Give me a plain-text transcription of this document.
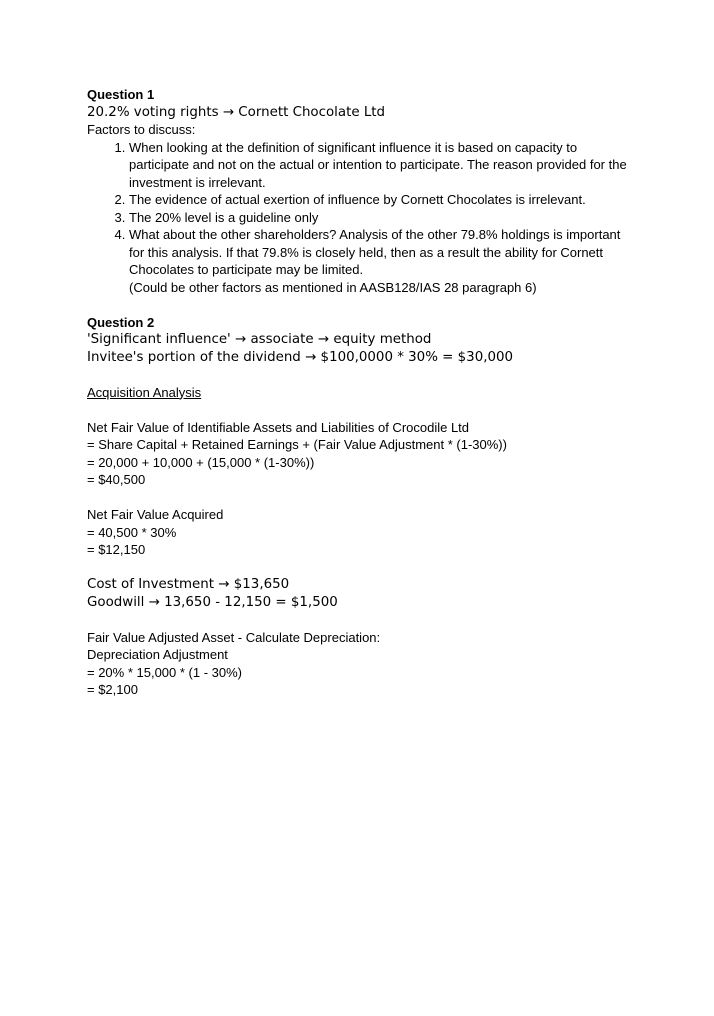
Question 1
20.2% voting rights → Cornett Chocolate Ltd
Factors to discuss:
1. When looking at the definition of significant influence it is based on capacity to participate and not on the actual or intention to participate. The reason provided for the investment is irrelevant.
2. The evidence of actual exertion of influence by Cornett Chocolates is irrelevant.
3. The 20% level is a guideline only
4. What about the other shareholders? Analysis of the other 79.8% holdings is important for this analysis. If that 79.8% is closely held, then as a result the ability for Cornett Chocolates to participate may be limited.
(Could be other factors as mentioned in AASB128/IAS 28 paragraph 6)
Question 2
'Significant influence' → associate → equity method
Invitee's portion of the dividend → $100,0000 * 30% = $30,000
Acquisition Analysis
Net Fair Value of Identifiable Assets and Liabilities of Crocodile Ltd
= Share Capital + Retained Earnings + (Fair Value Adjustment * (1-30%))
= 20,000 + 10,000 + (15,000 * (1-30%))
= $40,500
Net Fair Value Acquired
= 40,500 * 30%
= $12,150
Cost of Investment → $13,650
Goodwill → 13,650 - 12,150 = $1,500
Fair Value Adjusted Asset - Calculate Depreciation:
Depreciation Adjustment
= 20% * 15,000 * (1 - 30%)
= $2,100
